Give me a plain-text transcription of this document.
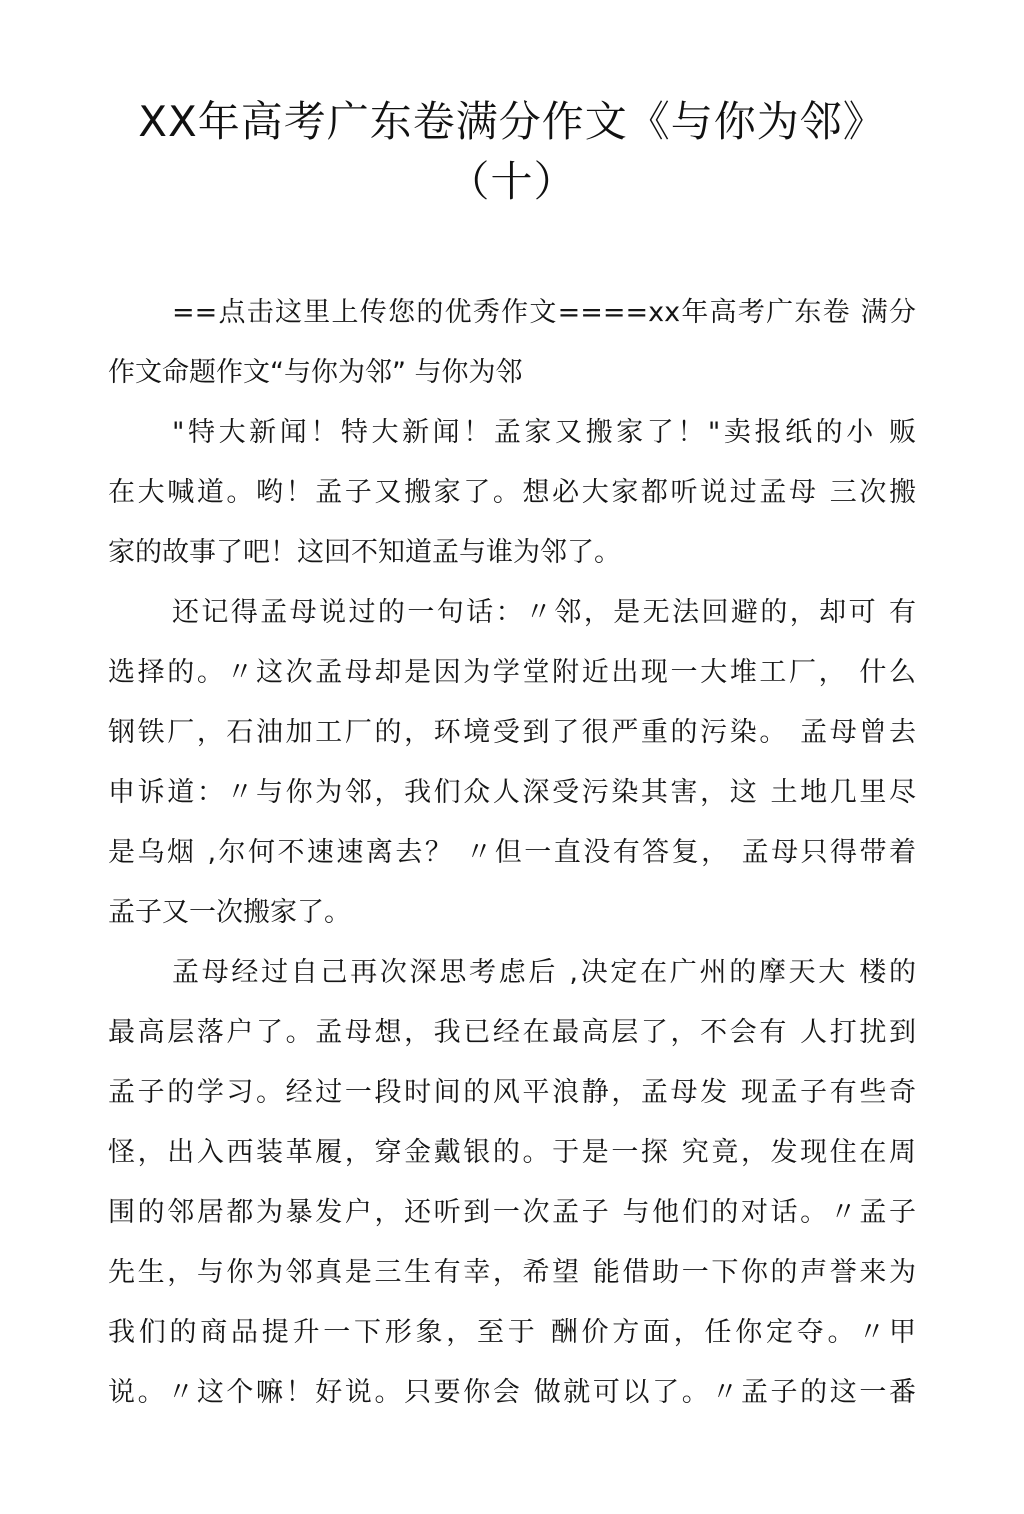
XX年高考广东卷满分作文《与你为邻》
（十）
==点击这里上传您的优秀作文====xx年高考广东卷 满分
作文命题作文“与你为邻” 与你为邻
"特大新闻！特大新闻！孟家又搬家了！"卖报纸的小 贩
在大喊道。哟！孟子又搬家了。想必大家都听说过孟母 三次搬
家的故事了吧！这回不知道孟与谁为邻了。
还记得孟母说过的一句话：〃邻，是无法回避的，却可 有
选择的。〃这次孟母却是因为学堂附近出现一大堆工厂， 什么
钢铁厂，石油加工厂的，环境受到了很严重的污染。 孟母曾去
申诉道：〃与你为邻，我们众人深受污染其害，这 土地几里尽
是乌烟 ,尔何不速速离去？ 〃但一直没有答复， 孟母只得带着
孟子又一次搬家了。
孟母经过自己再次深思考虑后 ,决定在广州的摩天大 楼的
最高层落户了。孟母想，我已经在最高层了，不会有 人打扰到
孟子的学习。经过一段时间的风平浪静，孟母发 现孟子有些奇
怪，出入西装革履，穿金戴银的。于是一探 究竟，发现住在周
围的邻居都为暴发户，还听到一次孟子 与他们的对话。〃孟子
先生，与你为邻真是三生有幸，希望 能借助一下你的声誉来为
我们的商品提升一下形象，至于 酬价方面，任你定夺。〃甲
说。〃这个嘛！好说。只要你会 做就可以了。〃孟子的这一番
